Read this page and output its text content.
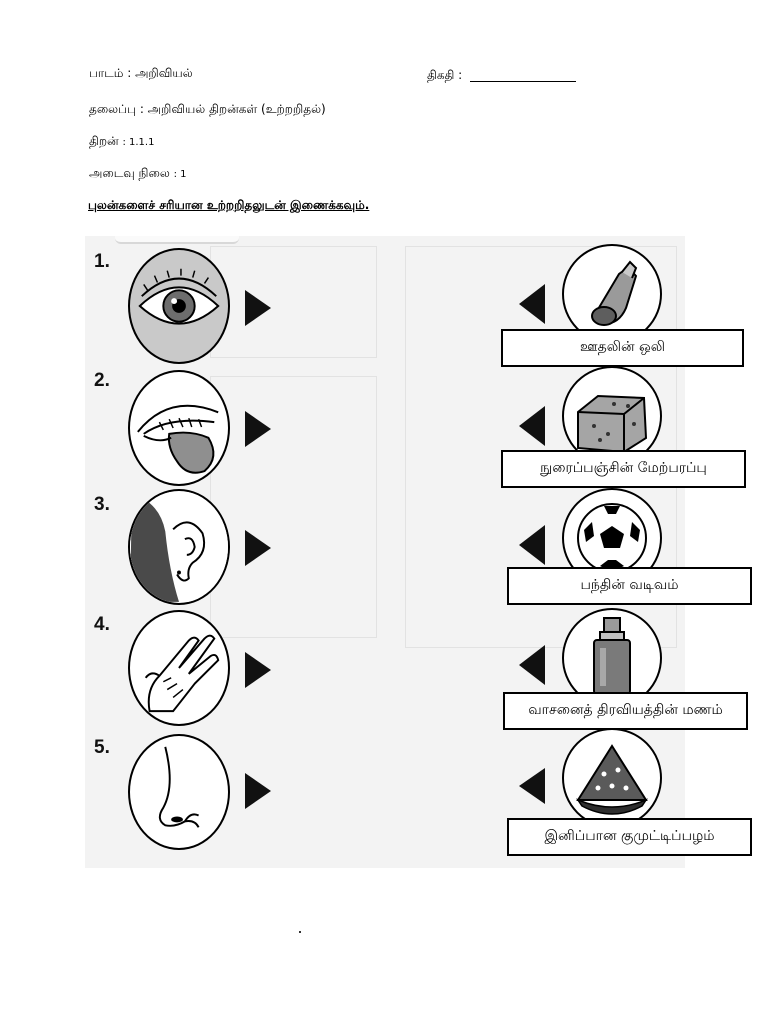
பாடம் : அறிவியல்	திகதி :
தலைப்பு : அறிவியல் திறன்கள் (உற்றறிதல்)
திறன் : 1.1.1
அடைவு நிலை : 1
புலன்களைச் சரியான உற்றறிதலுடன் இணைக்கவும்.
1.
ஊதலின் ஒலி
2.
நுரைப்பஞ்சின் மேற்பரப்பு
3.
பந்தின் வடிவம்
4.
வாசனைத் திரவியத்தின் மணம்
5.
இனிப்பான குமுட்டிப்பழம்
